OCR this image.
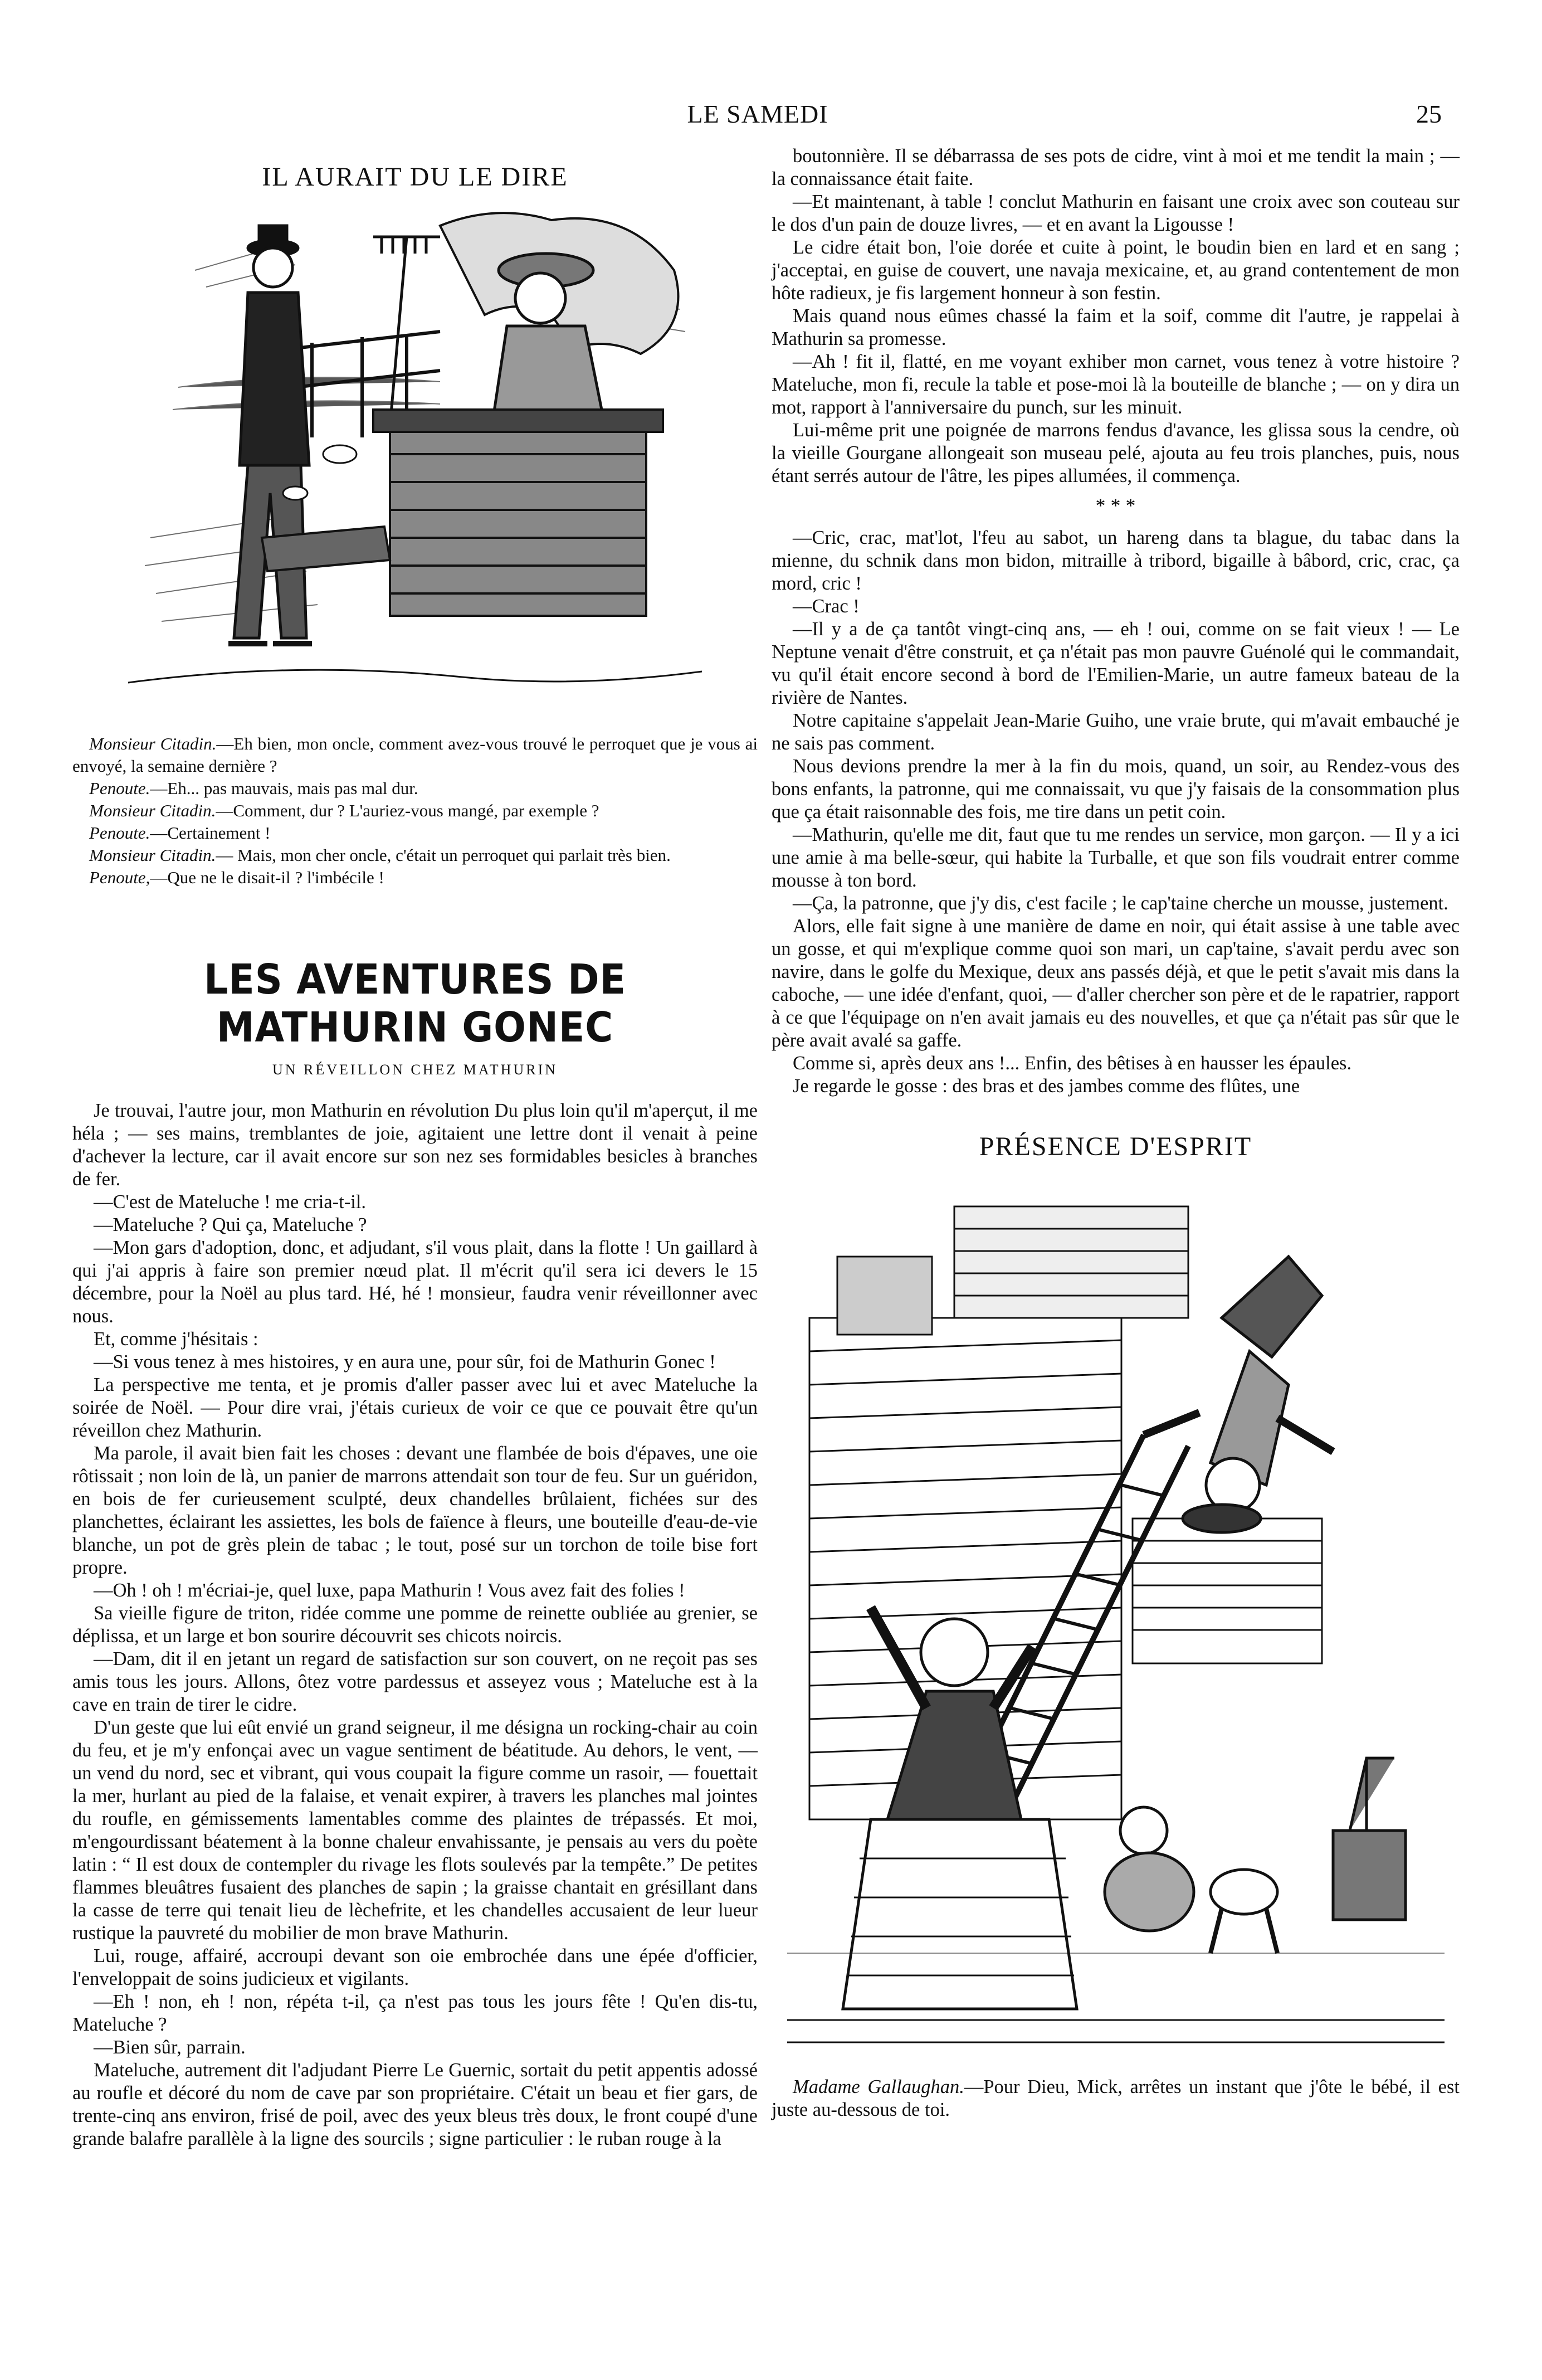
LE SAMEDI	25
IL AURAIT DU LE DIRE

Monsieur Citadin.—Eh bien, mon oncle, comment avez-vous trouvé le perroquet que je vous ai envoyé, la semaine dernière ?

Penoute.—Eh... pas mauvais, mais pas mal dur.

Monsieur Citadin.—Comment, dur ? L'auriez-vous mangé, par exemple ?

Penoute.—Certainement !

Monsieur Citadin.— Mais, mon cher oncle, c'était un perroquet qui parlait très bien.

Penoute,—Que ne le disait-il ? l'imbécile !

LES AVENTURES DE MATHURIN GONEC
UN RÉVEILLON CHEZ MATHURIN

Je trouvai, l'autre jour, mon Mathurin en révolution Du plus loin qu'il m'aperçut, il me héla ; — ses mains, tremblantes de joie, agitaient une lettre dont il venait à peine d'achever la lecture, car il avait encore sur son nez ses formidables besicles à branches de fer.

—C'est de Mateluche ! me cria-t-il.

—Mateluche ? Qui ça, Mateluche ?

—Mon gars d'adoption, donc, et adjudant, s'il vous plait, dans la flotte ! Un gaillard à qui j'ai appris à faire son premier nœud plat. Il m'écrit qu'il sera ici devers le 15 décembre, pour la Noël au plus tard. Hé, hé ! monsieur, faudra venir réveillonner avec nous.

Et, comme j'hésitais :

—Si vous tenez à mes histoires, y en aura une, pour sûr, foi de Mathurin Gonec !

La perspective me tenta, et je promis d'aller passer avec lui et avec Mateluche la soirée de Noël. — Pour dire vrai, j'étais curieux de voir ce que ce pouvait être qu'un réveillon chez Mathurin.

Ma parole, il avait bien fait les choses : devant une flambée de bois d'épaves, une oie rôtissait ; non loin de là, un panier de marrons attendait son tour de feu. Sur un guéridon, en bois de fer curieusement sculpté, deux chandelles brûlaient, fichées sur des planchettes, éclairant les assiettes, les bols de faïence à fleurs, une bouteille d'eau-de-vie blanche, un pot de grès plein de tabac ; le tout, posé sur un torchon de toile bise fort propre.

—Oh ! oh ! m'écriai-je, quel luxe, papa Mathurin ! Vous avez fait des folies !

Sa vieille figure de triton, ridée comme une pomme de reinette oubliée au grenier, se déplissa, et un large et bon sourire découvrit ses chicots noircis.

—Dam, dit il en jetant un regard de satisfaction sur son couvert, on ne reçoit pas ses amis tous les jours. Allons, ôtez votre pardessus et asseyez vous ; Mateluche est à la cave en train de tirer le cidre.

D'un geste que lui eût envié un grand seigneur, il me désigna un rocking-chair au coin du feu, et je m'y enfonçai avec un vague sentiment de béatitude. Au dehors, le vent, — un vend du nord, sec et vibrant, qui vous coupait la figure comme un rasoir, — fouettait la mer, hurlant au pied de la falaise, et venait expirer, à travers les planches mal jointes du roufle, en gémissements lamentables comme des plaintes de trépassés. Et moi, m'engourdissant béatement à la bonne chaleur envahissante, je pensais au vers du poète latin : “ Il est doux de contempler du rivage les flots soulevés par la tempête.” De petites flammes bleuâtres fusaient des planches de sapin ; la graisse chantait en grésillant dans la casse de terre qui tenait lieu de lèchefrite, et les chandelles accusaient de leur lueur rustique la pauvreté du mobilier de mon brave Mathurin.

Lui, rouge, affairé, accroupi devant son oie embrochée dans une épée d'officier, l'enveloppait de soins judicieux et vigilants.

—Eh ! non, eh ! non, répéta t-il, ça n'est pas tous les jours fête ! Qu'en dis-tu, Mateluche ?

—Bien sûr, parrain.

Mateluche, autrement dit l'adjudant Pierre Le Guernic, sortait du petit appentis adossé au roufle et décoré du nom de cave par son propriétaire. C'était un beau et fier gars, de trente-cinq ans environ, frisé de poil, avec des yeux bleus très doux, le front coupé d'une grande balafre parallèle à la ligne des sourcils ; signe particulier : le ruban rouge à la

boutonnière. Il se débarrassa de ses pots de cidre, vint à moi et me tendit la main ; — la connaissance était faite.

—Et maintenant, à table ! conclut Mathurin en faisant une croix avec son couteau sur le dos d'un pain de douze livres, — et en avant la Ligousse !

Le cidre était bon, l'oie dorée et cuite à point, le boudin bien en lard et en sang ; j'acceptai, en guise de couvert, une navaja mexicaine, et, au grand contentement de mon hôte radieux, je fis largement honneur à son festin.

Mais quand nous eûmes chassé la faim et la soif, comme dit l'autre, je rappelai à Mathurin sa promesse.

—Ah ! fit il, flatté, en me voyant exhiber mon carnet, vous tenez à votre histoire ? Mateluche, mon fi, recule la table et pose-moi là la bouteille de blanche ; — on y dira un mot, rapport à l'anniversaire du punch, sur les minuit.

Lui-même prit une poignée de marrons fendus d'avance, les glissa sous la cendre, où la vieille Gourgane allongeait son museau pelé, ajouta au feu trois planches, puis, nous étant serrés autour de l'âtre, les pipes allumées, il commença.

* * *

—Cric, crac, mat'lot, l'feu au sabot, un hareng dans ta blague, du tabac dans la mienne, du schnik dans mon bidon, mitraille à tribord, bigaille à bâbord, cric, crac, ça mord, cric !

—Crac !

—Il y a de ça tantôt vingt-cinq ans, — eh ! oui, comme on se fait vieux ! — Le Neptune venait d'être construit, et ça n'était pas mon pauvre Guénolé qui le commandait, vu qu'il était encore second à bord de l'Emilien-Marie, un autre fameux bateau de la rivière de Nantes.

Notre capitaine s'appelait Jean-Marie Guiho, une vraie brute, qui m'avait embauché je ne sais pas comment.

Nous devions prendre la mer à la fin du mois, quand, un soir, au Rendez-vous des bons enfants, la patronne, qui me connaissait, vu que j'y faisais de la consommation plus que ça était raisonnable des fois, me tire dans un petit coin.

—Mathurin, qu'elle me dit, faut que tu me rendes un service, mon garçon. — Il y a ici une amie à ma belle-sœur, qui habite la Turballe, et que son fils voudrait entrer comme mousse à ton bord.

—Ça, la patronne, que j'y dis, c'est facile ; le cap'taine cherche un mousse, justement.

Alors, elle fait signe à une manière de dame en noir, qui était assise à une table avec un gosse, et qui m'explique comme quoi son mari, un cap'taine, s'avait perdu avec son navire, dans le golfe du Mexique, deux ans passés déjà, et que le petit s'avait mis dans la caboche, — une idée d'enfant, quoi, — d'aller chercher son père et de le rapatrier, rapport à ce que l'équipage on n'en avait jamais eu des nouvelles, et que ça n'était pas sûr que le père avait avalé sa gaffe.

Comme si, après deux ans !... Enfin, des bêtises à en hausser les épaules.

Je regarde le gosse : des bras et des jambes comme des flûtes, une

PRÉSENCE D'ESPRIT

Madame Gallaughan.—Pour Dieu, Mick, arrêtes un instant que j'ôte le bébé, il est juste au-dessous de toi.
